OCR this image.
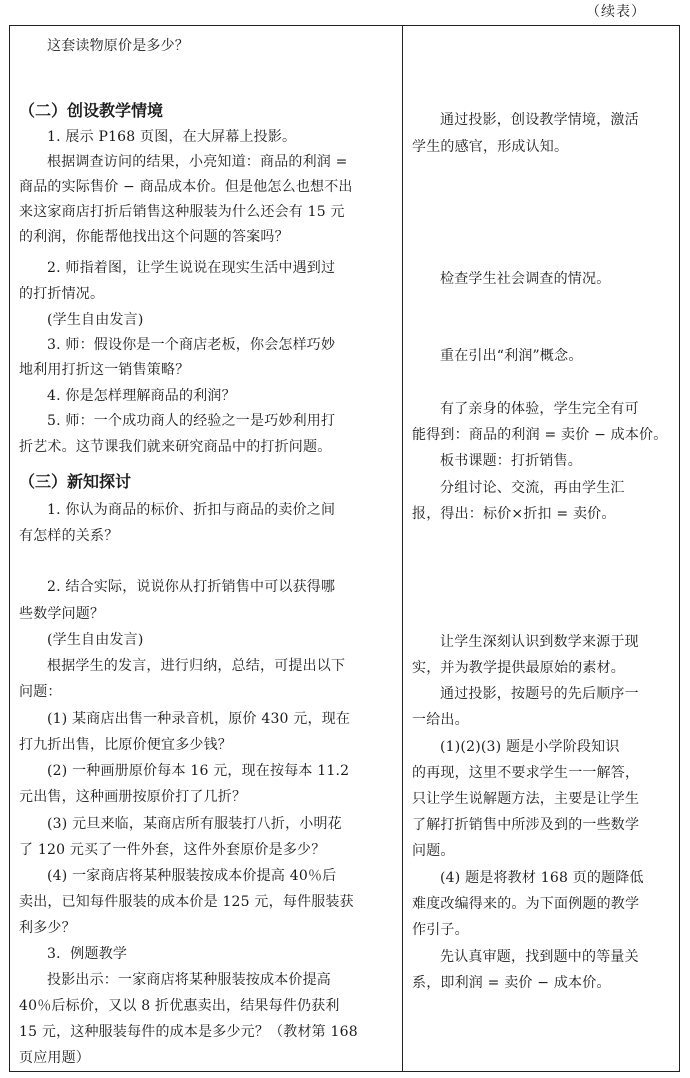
（续表）
这套读物原价是多少？
（二）创设教学情境
1. 展示 P168 页图，在大屏幕上投影。
根据调查访问的结果，小亮知道：商品的利润 =
商品的实际售价 − 商品成本价。但是他怎么也想不出
来这家商店打折后销售这种服装为什么还会有 15 元
的利润，你能帮他找出这个问题的答案吗？
2. 师指着图，让学生说说在现实生活中遇到过
的打折情况。
(学生自由发言)
3. 师：假设你是一个商店老板，你会怎样巧妙
地利用打折这一销售策略？
4. 你是怎样理解商品的利润？
5. 师：一个成功商人的经验之一是巧妙利用打
折艺术。这节课我们就来研究商品中的打折问题。
（三）新知探讨
1. 你认为商品的标价、折扣与商品的卖价之间
有怎样的关系？
2. 结合实际，说说你从打折销售中可以获得哪
些数学问题？
(学生自由发言)
根据学生的发言，进行归纳，总结，可提出以下
问题：
(1) 某商店出售一种录音机，原价 430 元，现在
打九折出售，比原价便宜多少钱？
(2) 一种画册原价每本 16 元，现在按每本 11.2
元出售，这种画册按原价打了几折？
(3) 元旦来临，某商店所有服装打八折，小明花
了 120 元买了一件外套，这件外套原价是多少？
(4) 一家商店将某种服装按成本价提高 40％后
卖出，已知每件服装的成本价是 125 元，每件服装获
利多少？
3．例题教学
投影出示：一家商店将某种服装按成本价提高
40％后标价，又以 8 折优惠卖出，结果每件仍获利
15 元，这种服装每件的成本是多少元？（教材第 168
页应用题）
通过投影，创设教学情境，激活
学生的感官，形成认知。
检查学生社会调查的情况。
重在引出“利润”概念。
有了亲身的体验，学生完全有可
能得到：商品的利润 = 卖价 − 成本价。
板书课题：打折销售。
分组讨论、交流，再由学生汇
报，得出：标价×折扣 = 卖价。
让学生深刻认识到数学来源于现
实，并为教学提供最原始的素材。
通过投影，按题号的先后顺序一
一给出。
(1)(2)(3) 题是小学阶段知识
的再现，这里不要求学生一一解答，
只让学生说解题方法，主要是让学生
了解打折销售中所涉及到的一些数学
问题。
(4) 题是将教材 168 页的题降低
难度改编得来的。为下面例题的教学
作引子。
先认真审题，找到题中的等量关
系，即利润 = 卖价 − 成本价。
